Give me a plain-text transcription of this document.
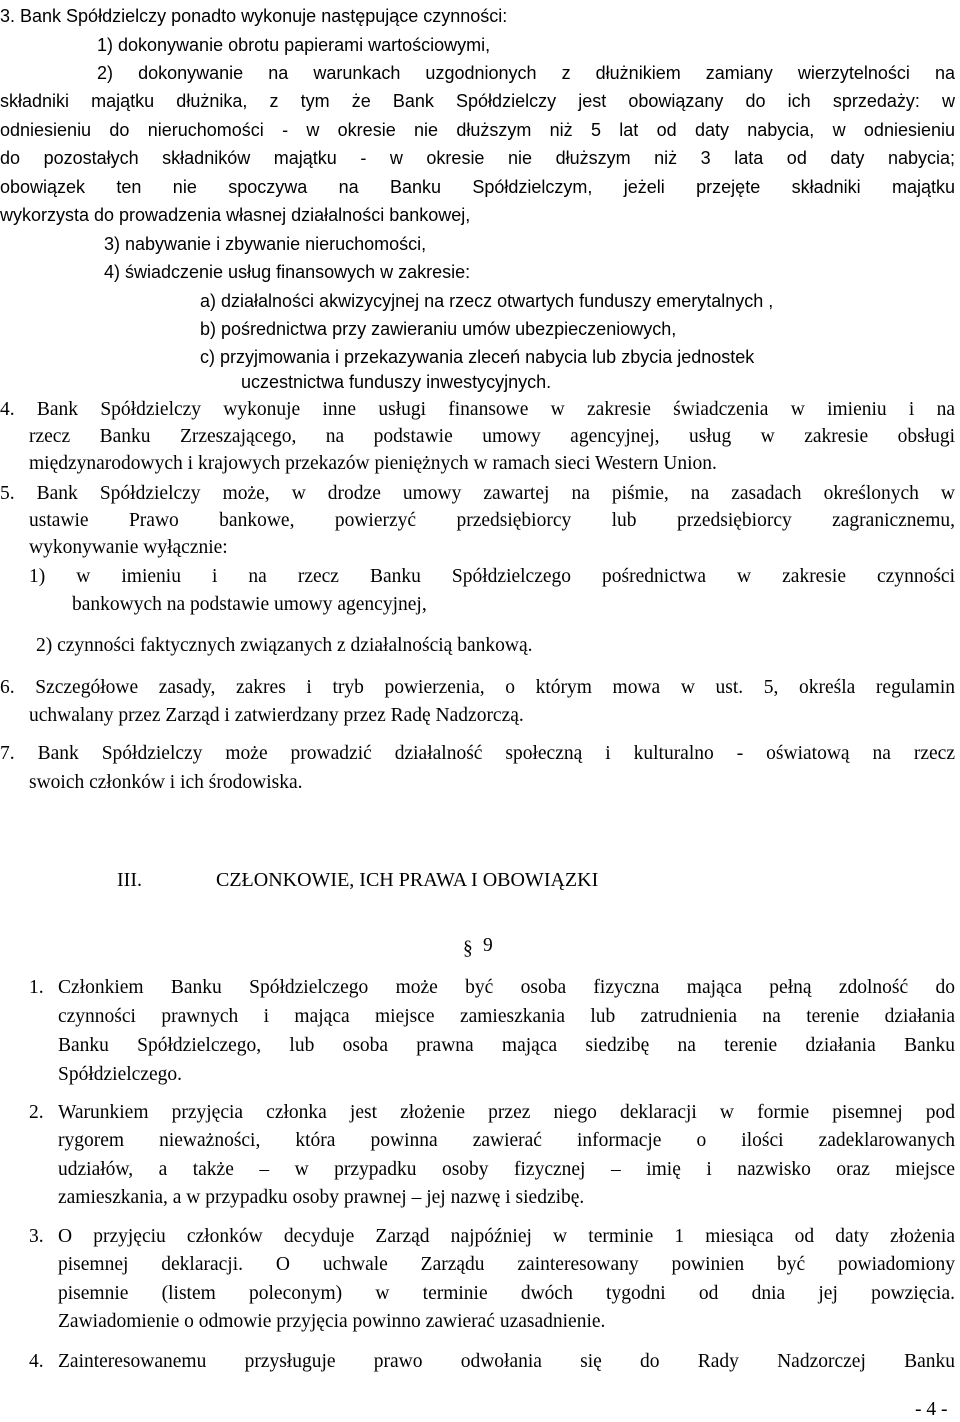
3. Bank Spółdzielczy ponadto wykonuje następujące czynności:
1) dokonywanie obrotu papierami wartościowymi,
2) dokonywanie na warunkach uzgodnionych z dłużnikiem zamiany wierzytelności na
składniki majątku dłużnika, z tym że Bank Spółdzielczy jest obowiązany do ich sprzedaży: w
odniesieniu do nieruchomości - w okresie nie dłuższym niż 5 lat od daty nabycia, w odniesieniu
do pozostałych składników majątku - w okresie nie dłuższym niż 3 lata od daty nabycia;
obowiązek ten nie spoczywa na Banku Spółdzielczym, jeżeli przejęte składniki majątku
wykorzysta do prowadzenia własnej działalności bankowej,
3) nabywanie i zbywanie nieruchomości,
4) świadczenie usług finansowych w zakresie:
a) działalności akwizycyjnej na rzecz otwartych funduszy emerytalnych ,
b) pośrednictwa przy zawieraniu umów ubezpieczeniowych,
c) przyjmowania i przekazywania zleceń nabycia lub zbycia jednostek
uczestnictwa funduszy inwestycyjnych.
4. Bank Spółdzielczy wykonuje inne usługi finansowe w zakresie świadczenia w imieniu i na
rzecz Banku Zrzeszającego, na podstawie umowy agencyjnej, usług w zakresie obsługi
międzynarodowych i krajowych przekazów pieniężnych w ramach sieci Western Union.
5. Bank Spółdzielczy może, w drodze umowy zawartej na piśmie, na zasadach określonych w
ustawie Prawo bankowe, powierzyć przedsiębiorcy lub przedsiębiorcy zagranicznemu,
wykonywanie wyłącznie:
1) w imieniu i na rzecz Banku Spółdzielczego pośrednictwa w zakresie czynności
bankowych na podstawie umowy agencyjnej,
2) czynności faktycznych związanych z działalnością bankową.
6. Szczegółowe zasady, zakres i tryb powierzenia, o którym mowa w ust. 5, określa regulamin
uchwalany przez Zarząd i zatwierdzany przez Radę Nadzorczą.
7. Bank Spółdzielczy może prowadzić działalność społeczną i kulturalno - oświatową na rzecz
swoich członków i ich środowiska.
III.	CZŁONKOWIE, ICH PRAWA I OBOWIĄZKI
§ 9
1. Członkiem Banku Spółdzielczego może być osoba fizyczna mająca pełną zdolność do
czynności prawnych i mająca miejsce zamieszkania lub zatrudnienia na terenie działania
Banku Spółdzielczego, lub osoba prawna mająca siedzibę na terenie działania Banku
Spółdzielczego.
2. Warunkiem przyjęcia członka jest złożenie przez niego deklaracji w formie pisemnej pod
rygorem nieważności, która powinna zawierać informacje o ilości zadeklarowanych
udziałów, a także – w przypadku osoby fizycznej – imię i nazwisko oraz miejsce
zamieszkania, a w przypadku osoby prawnej – jej nazwę i siedzibę.
3. O przyjęciu członków decyduje Zarząd najpóźniej w terminie 1 miesiąca od daty złożenia
pisemnej deklaracji. O uchwale Zarządu zainteresowany powinien być powiadomiony
pisemnie (listem poleconym) w terminie dwóch tygodni od dnia jej powzięcia.
Zawiadomienie o odmowie przyjęcia powinno zawierać uzasadnienie.
4. Zainteresowanemu przysługuje prawo odwołania się do Rady Nadzorczej Banku
- 4 -
